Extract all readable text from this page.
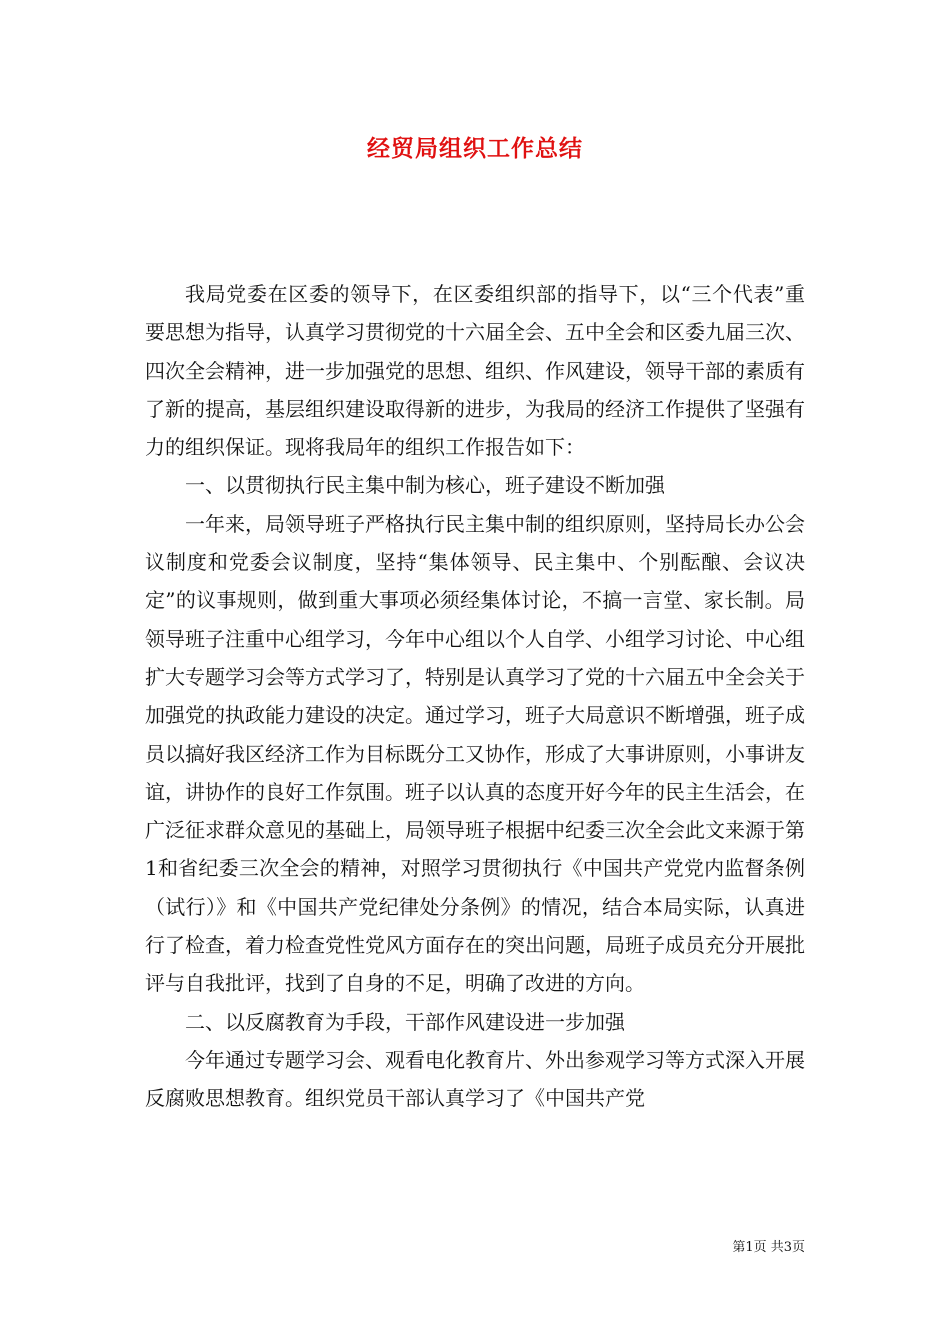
经贸局组织工作总结

我局党委在区委的领导下，在区委组织部的指导下，以“三个代表”重要思想为指导，认真学习贯彻党的十六届全会、五中全会和区委九届三次、四次全会精神，进一步加强党的思想、组织、作风建设，领导干部的素质有了新的提高，基层组织建设取得新的进步，为我局的经济工作提供了坚强有力的组织保证。现将我局年的组织工作报告如下：

一、以贯彻执行民主集中制为核心，班子建设不断加强

一年来，局领导班子严格执行民主集中制的组织原则，坚持局长办公会议制度和党委会议制度，坚持“集体领导、民主集中、个别酝酿、会议决定”的议事规则，做到重大事项必须经集体讨论，不搞一言堂、家长制。局领导班子注重中心组学习，今年中心组以个人自学、小组学习讨论、中心组扩大专题学习会等方式学习了，特别是认真学习了党的十六届五中全会关于加强党的执政能力建设的决定。通过学习，班子大局意识不断增强，班子成员以搞好我区经济工作为目标既分工又协作，形成了大事讲原则，小事讲友谊，讲协作的良好工作氛围。班子以认真的态度开好今年的民主生活会，在广泛征求群众意见的基础上，局领导班子根据中纪委三次全会此文来源于第1和省纪委三次全会的精神，对照学习贯彻执行《中国共产党党内监督条例（试行）》和《中国共产党纪律处分条例》的情况，结合本局实际，认真进行了检查，着力检查党性党风方面存在的突出问题，局班子成员充分开展批评与自我批评，找到了自身的不足，明确了改进的方向。

二、以反腐教育为手段，干部作风建设进一步加强

今年通过专题学习会、观看电化教育片、外出参观学习等方式深入开展反腐败思想教育。组织党员干部认真学习了《中国共产党

第1页 共3页
